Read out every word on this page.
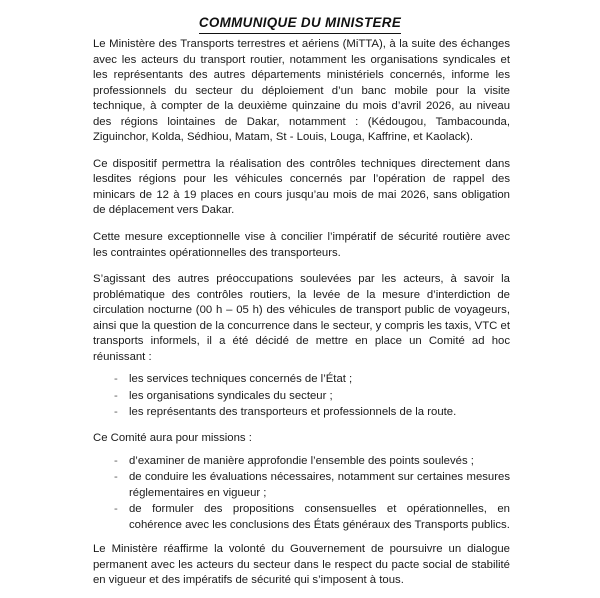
COMMUNIQUE DU MINISTERE

Le Ministère des Transports terrestres et aériens (MiTTA), à la suite des échanges avec les acteurs du transport routier, notamment les organisations syndicales et les représentants des autres départements ministériels concernés, informe les professionnels du secteur du déploiement d’un banc mobile pour la visite technique, à compter de la deuxième quinzaine du mois d’avril 2026, au niveau des régions lointaines de Dakar, notamment : (Kédougou, Tambacounda, Ziguinchor, Kolda, Sédhiou, Matam, St - Louis, Louga, Kaffrine, et Kaolack).

Ce dispositif permettra la réalisation des contrôles techniques directement dans lesdites régions pour les véhicules concernés par l’opération de rappel des minicars de 12 à 19 places en cours jusqu’au mois de mai 2026, sans obligation de déplacement vers Dakar.

Cette mesure exceptionnelle vise à concilier l’impératif de sécurité routière avec les contraintes opérationnelles des transporteurs.

S’agissant des autres préoccupations soulevées par les acteurs, à savoir la problématique des contrôles routiers, la levée de la mesure d’interdiction de circulation nocturne (00 h – 05 h) des véhicules de transport public de voyageurs, ainsi que la question de la concurrence dans le secteur, y compris les taxis, VTC et transports informels, il a été décidé de mettre en place un Comité ad hoc réunissant :

- les services techniques concernés de l’État ;
- les organisations syndicales du secteur ;
- les représentants des transporteurs et professionnels de la route.

Ce Comité aura pour missions :

- d’examiner de manière approfondie l’ensemble des points soulevés ;
- de conduire les évaluations nécessaires, notamment sur certaines mesures réglementaires en vigueur ;
- de formuler des propositions consensuelles et opérationnelles, en cohérence avec les conclusions des États généraux des Transports publics.

Le Ministère réaffirme la volonté du Gouvernement de poursuivre un dialogue permanent avec les acteurs du secteur dans le respect du pacte social de stabilité en vigueur et des impératifs de sécurité qui s’imposent à tous.
